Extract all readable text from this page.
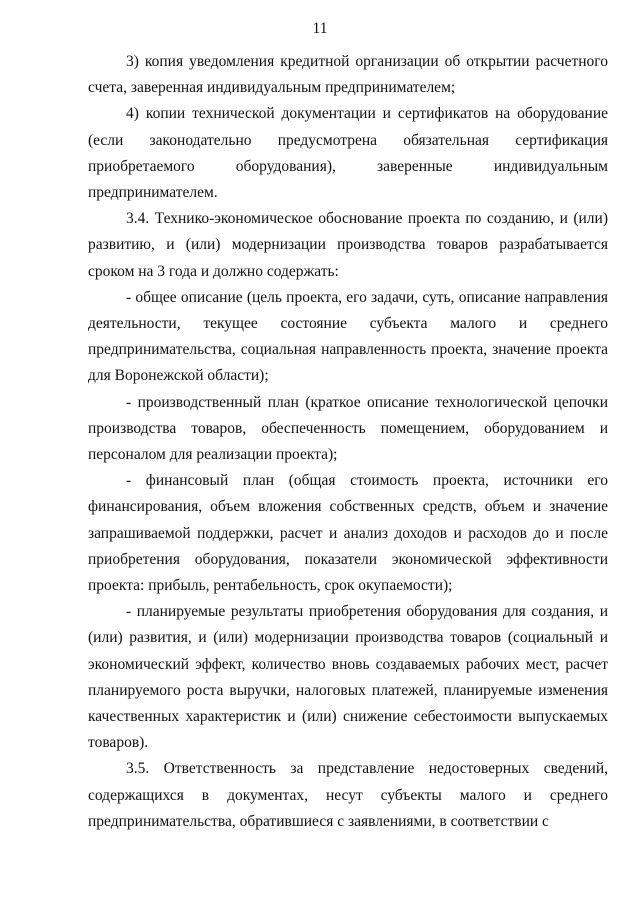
11

3) копия уведомления кредитной организации об открытии расчетного счета, заверенная индивидуальным предпринимателем;

4) копии технической документации и сертификатов на оборудование (если законодательно предусмотрена обязательная сертификация приобретаемого оборудования), заверенные индивидуальным предпринимателем.

3.4. Технико-экономическое обоснование проекта по созданию, и (или) развитию, и (или) модернизации производства товаров разрабатывается сроком на 3 года и должно содержать:

- общее описание (цель проекта, его задачи, суть, описание направления деятельности, текущее состояние субъекта малого и среднего предпринимательства, социальная направленность проекта, значение проекта для Воронежской области);

- производственный план (краткое описание технологической цепочки производства товаров, обеспеченность помещением, оборудованием и персоналом для реализации проекта);

- финансовый план (общая стоимость проекта, источники его финансирования, объем вложения собственных средств, объем и значение запрашиваемой поддержки, расчет и анализ доходов и расходов до и после приобретения оборудования, показатели экономической эффективности проекта: прибыль, рентабельность, срок окупаемости);

- планируемые результаты приобретения оборудования для создания, и (или) развития, и (или) модернизации производства товаров (социальный и экономический эффект, количество вновь создаваемых рабочих мест, расчет планируемого роста выручки, налоговых платежей, планируемые изменения качественных характеристик и (или) снижение себестоимости выпускаемых товаров).

3.5. Ответственность за представление недостоверных сведений, содержащихся в документах, несут субъекты малого и среднего предпринимательства, обратившиеся с заявлениями, в соответствии с
